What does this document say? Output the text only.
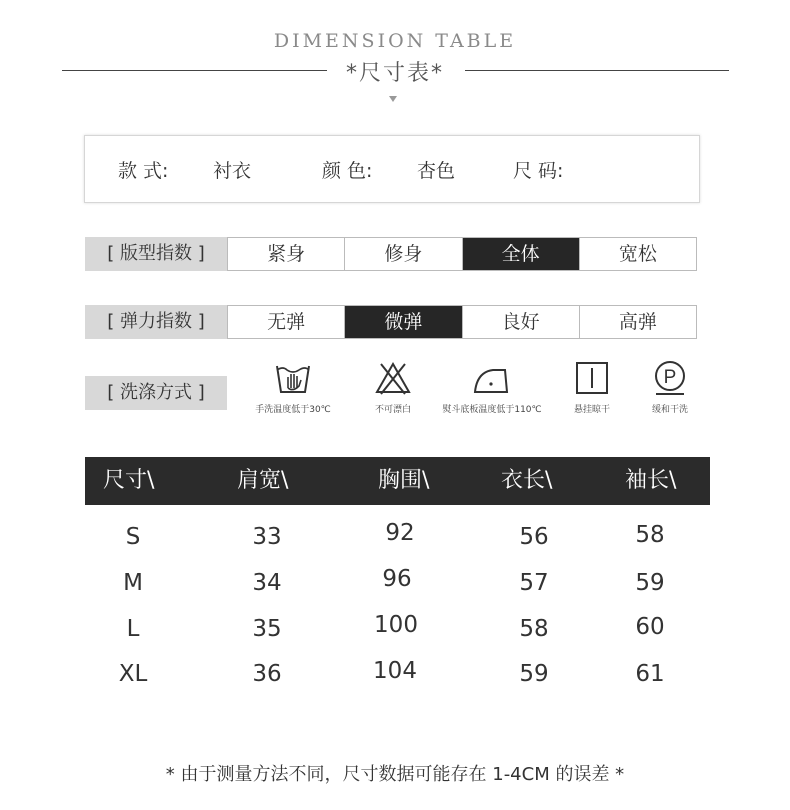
DIMENSION TABLE
*尺寸表*
款 式: 衬衣	颜 色: 杏色	尺 码:
[ 版型指数 ]	紧身	修身	全体	宽松
[ 弹力指数 ]	无弹	微弹	良好	高弹
[ 洗涤方式 ]
手洗温度低于30℃	不可漂白	熨斗底板温度低于110℃	悬挂晾干
P
缓和干洗
尺寸\	肩宽\	胸围\	衣长\	袖长\
S	33	92	56	58
M	34	96	57	59
L	35	100	58	60
XL	36	104	59	61
* 由于测量方法不同，尺寸数据可能存在 1-4CM 的误差 *
